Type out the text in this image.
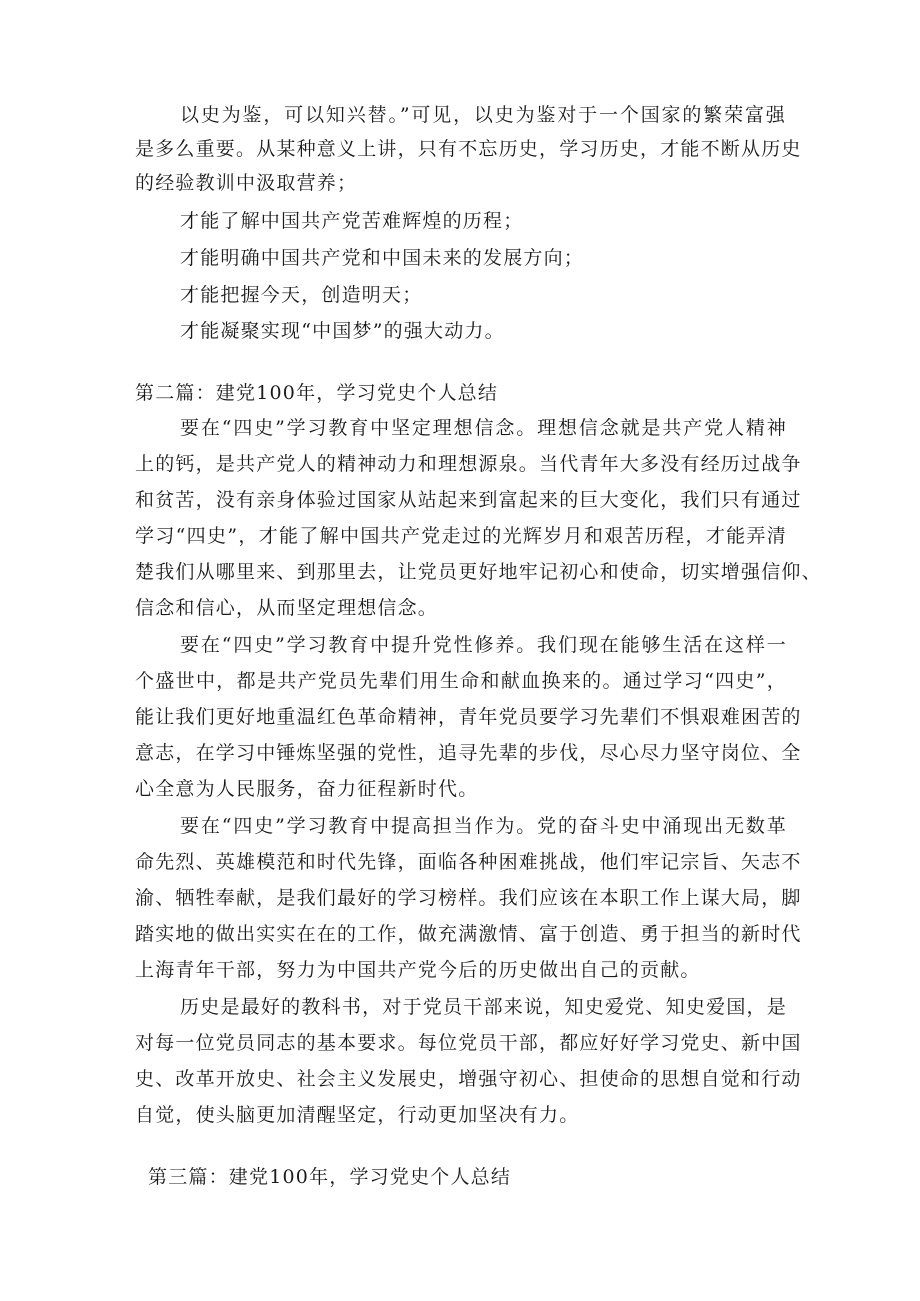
以史为鉴，可以知兴替。”可见，以史为鉴对于一个国家的繁荣富强
是多么重要。从某种意义上讲，只有不忘历史，学习历史，才能不断从历史
的经验教训中汲取营养；
才能了解中国共产党苦难辉煌的历程；
才能明确中国共产党和中国未来的发展方向；
才能把握今天，创造明天；
才能凝聚实现“中国梦”的强大动力。
第二篇：建党100年，学习党史个人总结
要在“四史”学习教育中坚定理想信念。理想信念就是共产党人精神
上的钙，是共产党人的精神动力和理想源泉。当代青年大多没有经历过战争
和贫苦，没有亲身体验过国家从站起来到富起来的巨大变化，我们只有通过
学习“四史”，才能了解中国共产党走过的光辉岁月和艰苦历程，才能弄清
楚我们从哪里来、到那里去，让党员更好地牢记初心和使命，切实增强信仰、
信念和信心，从而坚定理想信念。
要在“四史”学习教育中提升党性修养。我们现在能够生活在这样一
个盛世中，都是共产党员先辈们用生命和献血换来的。通过学习“四史”，
能让我们更好地重温红色革命精神，青年党员要学习先辈们不惧艰难困苦的
意志，在学习中锤炼坚强的党性，追寻先辈的步伐，尽心尽力坚守岗位、全
心全意为人民服务，奋力征程新时代。
要在“四史”学习教育中提高担当作为。党的奋斗史中涌现出无数革
命先烈、英雄模范和时代先锋，面临各种困难挑战，他们牢记宗旨、矢志不
渝、牺牲奉献，是我们最好的学习榜样。我们应该在本职工作上谋大局，脚
踏实地的做出实实在在的工作，做充满激情、富于创造、勇于担当的新时代
上海青年干部，努力为中国共产党今后的历史做出自己的贡献。
历史是最好的教科书，对于党员干部来说，知史爱党、知史爱国，是
对每一位党员同志的基本要求。每位党员干部，都应好好学习党史、新中国
史、改革开放史、社会主义发展史，增强守初心、担使命的思想自觉和行动
自觉，使头脑更加清醒坚定，行动更加坚决有力。
第三篇：建党100年，学习党史个人总结
